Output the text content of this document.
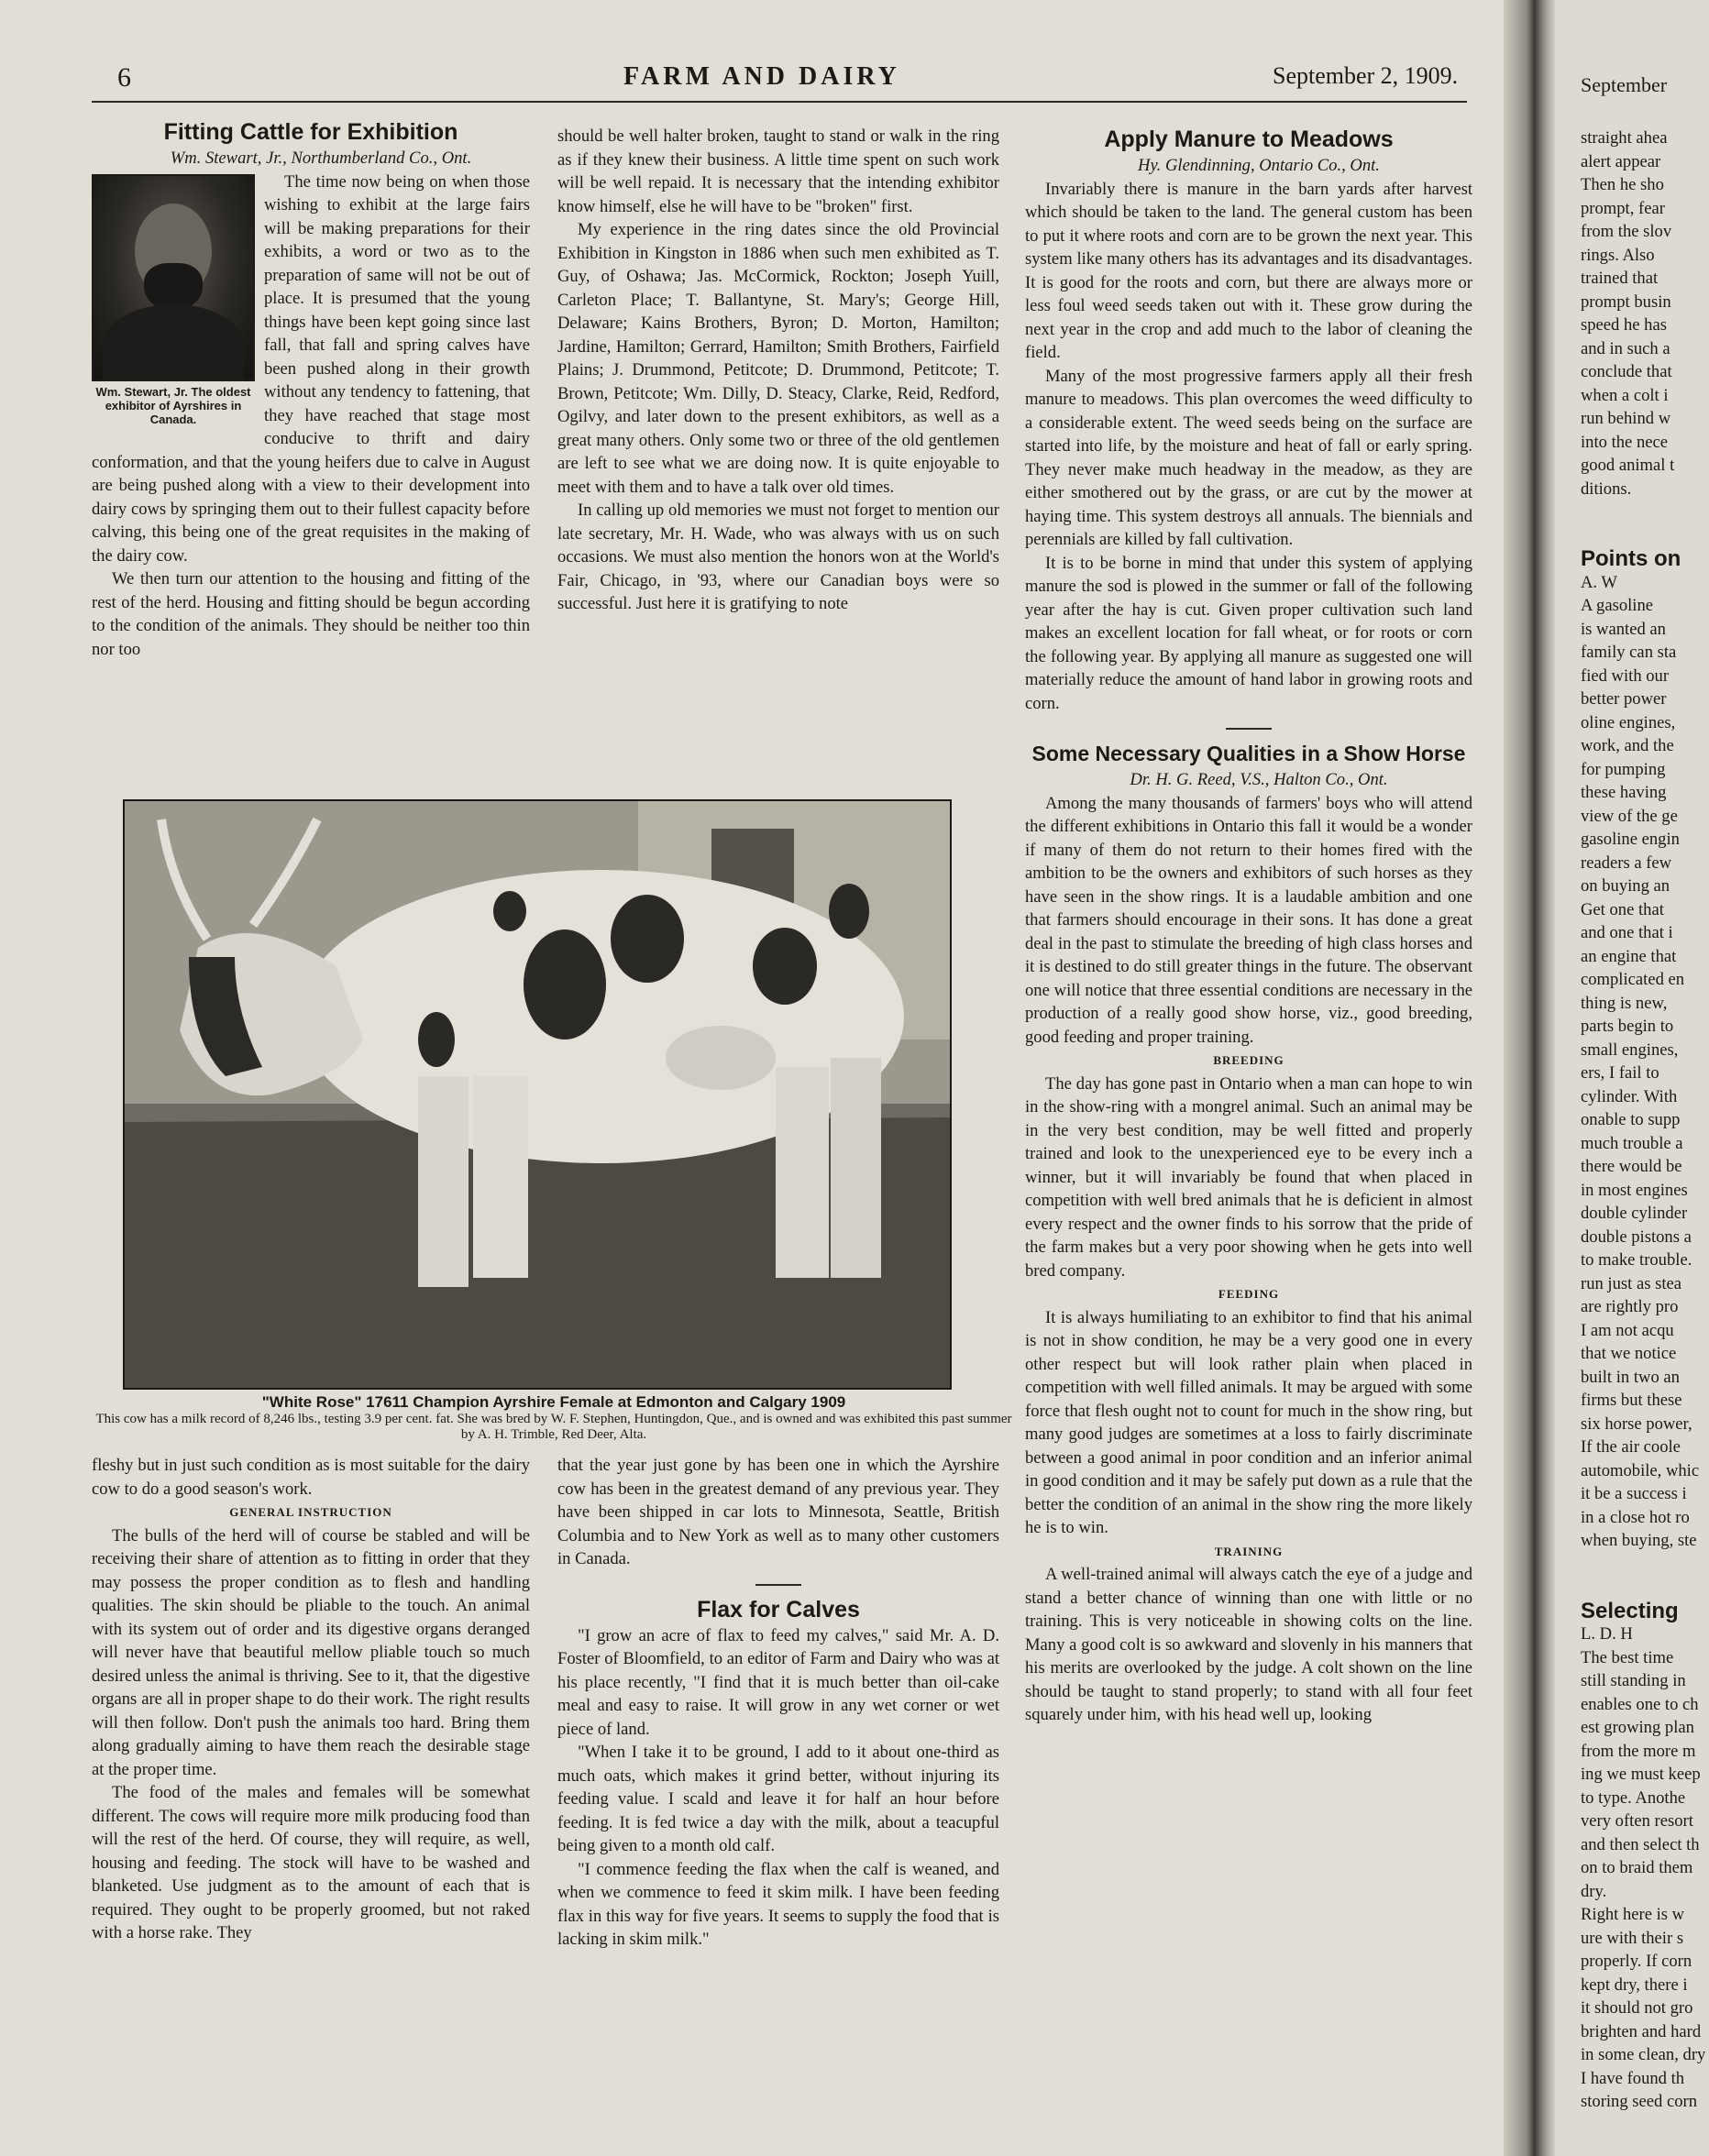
6	FARM AND DAIRY	September 2, 1909.
Fitting Cattle for Exhibition

Wm. Stewart, Jr., Northumberland Co., Ont.

Wm. Stewart, Jr. The oldest exhibitor of Ayrshires in Canada.

The time now being on when those wishing to exhibit at the large fairs will be making preparations for their exhibits, a word or two as to the preparation of same will not be out of place. It is presumed that the young things have been kept going since last fall, that fall and spring calves have been pushed along in their growth without any tendency to fattening, that they have reached that stage most conducive to thrift and dairy conformation, and that the young heifers due to calve in August are being pushed along with a view to their development into dairy cows by springing them out to their fullest capacity before calving, this being one of the great requisites in the making of the dairy cow.

We then turn our attention to the housing and fitting of the rest of the herd. Housing and fitting should be begun according to the condition of the animals. They should be neither too thin nor too

should be well halter broken, taught to stand or walk in the ring as if they knew their business. A little time spent on such work will be well repaid. It is necessary that the intending exhibitor know himself, else he will have to be "broken" first.

My experience in the ring dates since the old Provincial Exhibition in Kingston in 1886 when such men exhibited as T. Guy, of Oshawa; Jas. McCormick, Rockton; Joseph Yuill, Carleton Place; T. Ballantyne, St. Mary's; George Hill, Delaware; Kains Brothers, Byron; D. Morton, Hamilton; Jardine, Hamilton; Gerrard, Hamilton; Smith Brothers, Fairfield Plains; J. Drummond, Petitcote; D. Drummond, Petitcote; T. Brown, Petitcote; Wm. Dilly, D. Steacy, Clarke, Reid, Redford, Ogilvy, and later down to the present exhibitors, as well as a great many others. Only some two or three of the old gentlemen are left to see what we are doing now. It is quite enjoyable to meet with them and to have a talk over old times.

In calling up old memories we must not forget to mention our late secretary, Mr. H. Wade, who was always with us on such occasions. We must also mention the honors won at the World's Fair, Chicago, in '93, where our Canadian boys were so successful. Just here it is gratifying to note

"White Rose" 17611 Champion Ayrshire Female at Edmonton and Calgary 1909
This cow has a milk record of 8,246 lbs., testing 3.9 per cent. fat. She was bred by W. F. Stephen, Huntingdon, Que., and is owned and was exhibited this past summer by A. H. Trimble, Red Deer, Alta.

fleshy but in just such condition as is most suitable for the dairy cow to do a good season's work.

GENERAL INSTRUCTION

The bulls of the herd will of course be stabled and will be receiving their share of attention as to fitting in order that they may possess the proper condition as to flesh and handling qualities. The skin should be pliable to the touch. An animal with its system out of order and its digestive organs deranged will never have that beautiful mellow pliable touch so much desired unless the animal is thriving. See to it, that the digestive organs are all in proper shape to do their work. The right results will then follow. Don't push the animals too hard. Bring them along gradually aiming to have them reach the desirable stage at the proper time.

The food of the males and females will be somewhat different. The cows will require more milk producing food than will the rest of the herd. Of course, they will require, as well, housing and feeding. The stock will have to be washed and blanketed. Use judgment as to the amount of each that is required. They ought to be properly groomed, but not raked with a horse rake. They

that the year just gone by has been one in which the Ayrshire cow has been in the greatest demand of any previous year. They have been shipped in car lots to Minnesota, Seattle, British Columbia and to New York as well as to many other customers in Canada.

Flax for Calves

"I grow an acre of flax to feed my calves," said Mr. A. D. Foster of Bloomfield, to an editor of Farm and Dairy who was at his place recently, "I find that it is much better than oil-cake meal and easy to raise. It will grow in any wet corner or wet piece of land.

"When I take it to be ground, I add to it about one-third as much oats, which makes it grind better, without injuring its feeding value. I scald and leave it for half an hour before feeding. It is fed twice a day with the milk, about a teacupful being given to a month old calf.

"I commence feeding the flax when the calf is weaned, and when we commence to feed it skim milk. I have been feeding flax in this way for five years. It seems to supply the food that is lacking in skim milk."

Apply Manure to Meadows

Hy. Glendinning, Ontario Co., Ont.

Invariably there is manure in the barn yards after harvest which should be taken to the land. The general custom has been to put it where roots and corn are to be grown the next year. This system like many others has its advantages and its disadvantages. It is good for the roots and corn, but there are always more or less foul weed seeds taken out with it. These grow during the next year in the crop and add much to the labor of cleaning the field.

Many of the most progressive farmers apply all their fresh manure to meadows. This plan overcomes the weed difficulty to a considerable extent. The weed seeds being on the surface are started into life, by the moisture and heat of fall or early spring. They never make much headway in the meadow, as they are either smothered out by the grass, or are cut by the mower at haying time. This system destroys all annuals. The biennials and perennials are killed by fall cultivation.

It is to be borne in mind that under this system of applying manure the sod is plowed in the summer or fall of the following year after the hay is cut. Given proper cultivation such land makes an excellent location for fall wheat, or for roots or corn the following year. By applying all manure as suggested one will materially reduce the amount of hand labor in growing roots and corn.

Some Necessary Qualities in a Show Horse

Dr. H. G. Reed, V.S., Halton Co., Ont.

Among the many thousands of farmers' boys who will attend the different exhibitions in Ontario this fall it would be a wonder if many of them do not return to their homes fired with the ambition to be the owners and exhibitors of such horses as they have seen in the show rings. It is a laudable ambition and one that farmers should encourage in their sons. It has done a great deal in the past to stimulate the breeding of high class horses and it is destined to do still greater things in the future. The observant one will notice that three essential conditions are necessary in the production of a really good show horse, viz., good breeding, good feeding and proper training.

BREEDING

The day has gone past in Ontario when a man can hope to win in the show-ring with a mongrel animal. Such an animal may be in the very best condition, may be well fitted and properly trained and look to the unexperienced eye to be every inch a winner, but it will invariably be found that when placed in competition with well bred animals that he is deficient in almost every respect and the owner finds to his sorrow that the pride of the farm makes but a very poor showing when he gets into well bred company.

FEEDING

It is always humiliating to an exhibitor to find that his animal is not in show condition, he may be a very good one in every other respect but will look rather plain when placed in competition with well filled animals. It may be argued with some force that flesh ought not to count for much in the show ring, but many good judges are sometimes at a loss to fairly discriminate between a good animal in poor condition and an inferior animal in good condition and it may be safely put down as a rule that the better the condition of an animal in the show ring the more likely he is to win.

TRAINING

A well-trained animal will always catch the eye of a judge and stand a better chance of winning than one with little or no training. This is very noticeable in showing colts on the line. Many a good colt is so awkward and slovenly in his manners that his merits are overlooked by the judge. A colt shown on the line should be taught to stand properly; to stand with all four feet squarely under him, with his head well up, looking

September
straight ahea
alert appear
Then he sho
prompt, fear
from the slov
rings. Also
trained that
prompt busin
speed he has
and in such a
conclude that
when a colt i
run behind w
into the nece
good animal t
ditions.
Points on
A. W
A gasoline
is wanted an
family can sta
fied with our
better power
oline engines,
work, and the
for pumping
these having
view of the ge
gasoline engin
readers a few
on buying an
Get one that
and one that i
an engine that
complicated en
thing is new,
parts begin to
small engines,
ers, I fail to
cylinder. With
onable to supp
much trouble a
there would be
in most engines
double cylinder
double pistons a
to make trouble.
run just as stea
are rightly pro
I am not acqu
that we notice
built in two an
firms but these
six horse power,
If the air coole
automobile, whic
it be a success i
in a close hot ro
when buying, ste
Selecting
L. D. H
The best time
still standing in
enables one to ch
est growing plan
from the more m
ing we must keep
to type. Anothe
very often resort
and then select th
on to braid them
dry.
Right here is w
ure with their s
properly. If corn
kept dry, there i
it should not gro
brighten and hard
in some clean, dry
I have found th
storing seed corn
